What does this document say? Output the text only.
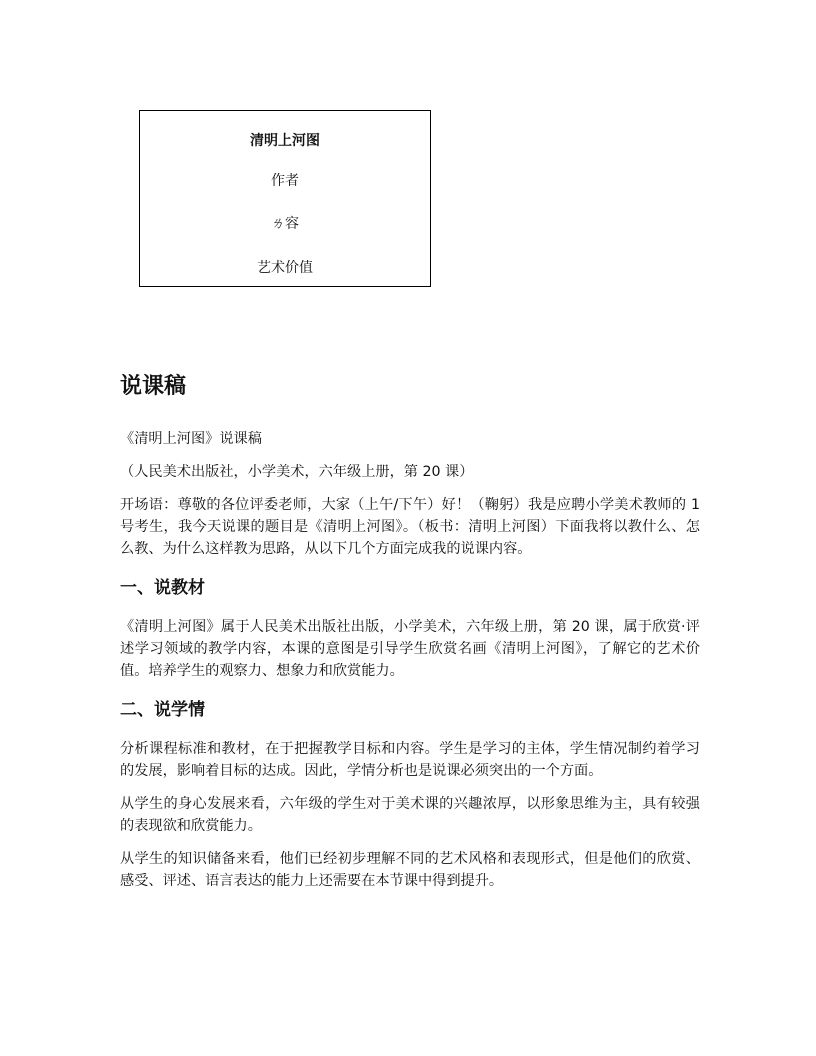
清明上河图
作者
ㄌ容
艺术价值
说课稿

《清明上河图》说课稿

（人民美术出版社，小学美术，六年级上册，第 20 课）

开场语：尊敬的各位评委老师，大家（上午/下午）好！（鞠躬）我是应聘小学美术教师的 1 号考生，我今天说课的题目是《清明上河图》。（板书：清明上河图）下面我将以教什么、怎么教、为什么这样教为思路，从以下几个方面完成我的说课内容。

一、说教材

《清明上河图》属于人民美术出版社出版，小学美术，六年级上册，第 20 课，属于欣赏·评述学习领域的教学内容，本课的意图是引导学生欣赏名画《清明上河图》，了解它的艺术价值。培养学生的观察力、想象力和欣赏能力。

二、说学情

分析课程标准和教材，在于把握教学目标和内容。学生是学习的主体，学生情况制约着学习的发展，影响着目标的达成。因此，学情分析也是说课必须突出的一个方面。

从学生的身心发展来看，六年级的学生对于美术课的兴趣浓厚，以形象思维为主，具有较强的表现欲和欣赏能力。

从学生的知识储备来看，他们已经初步理解不同的艺术风格和表现形式，但是他们的欣赏、感受、评述、语言表达的能力上还需要在本节课中得到提升。
